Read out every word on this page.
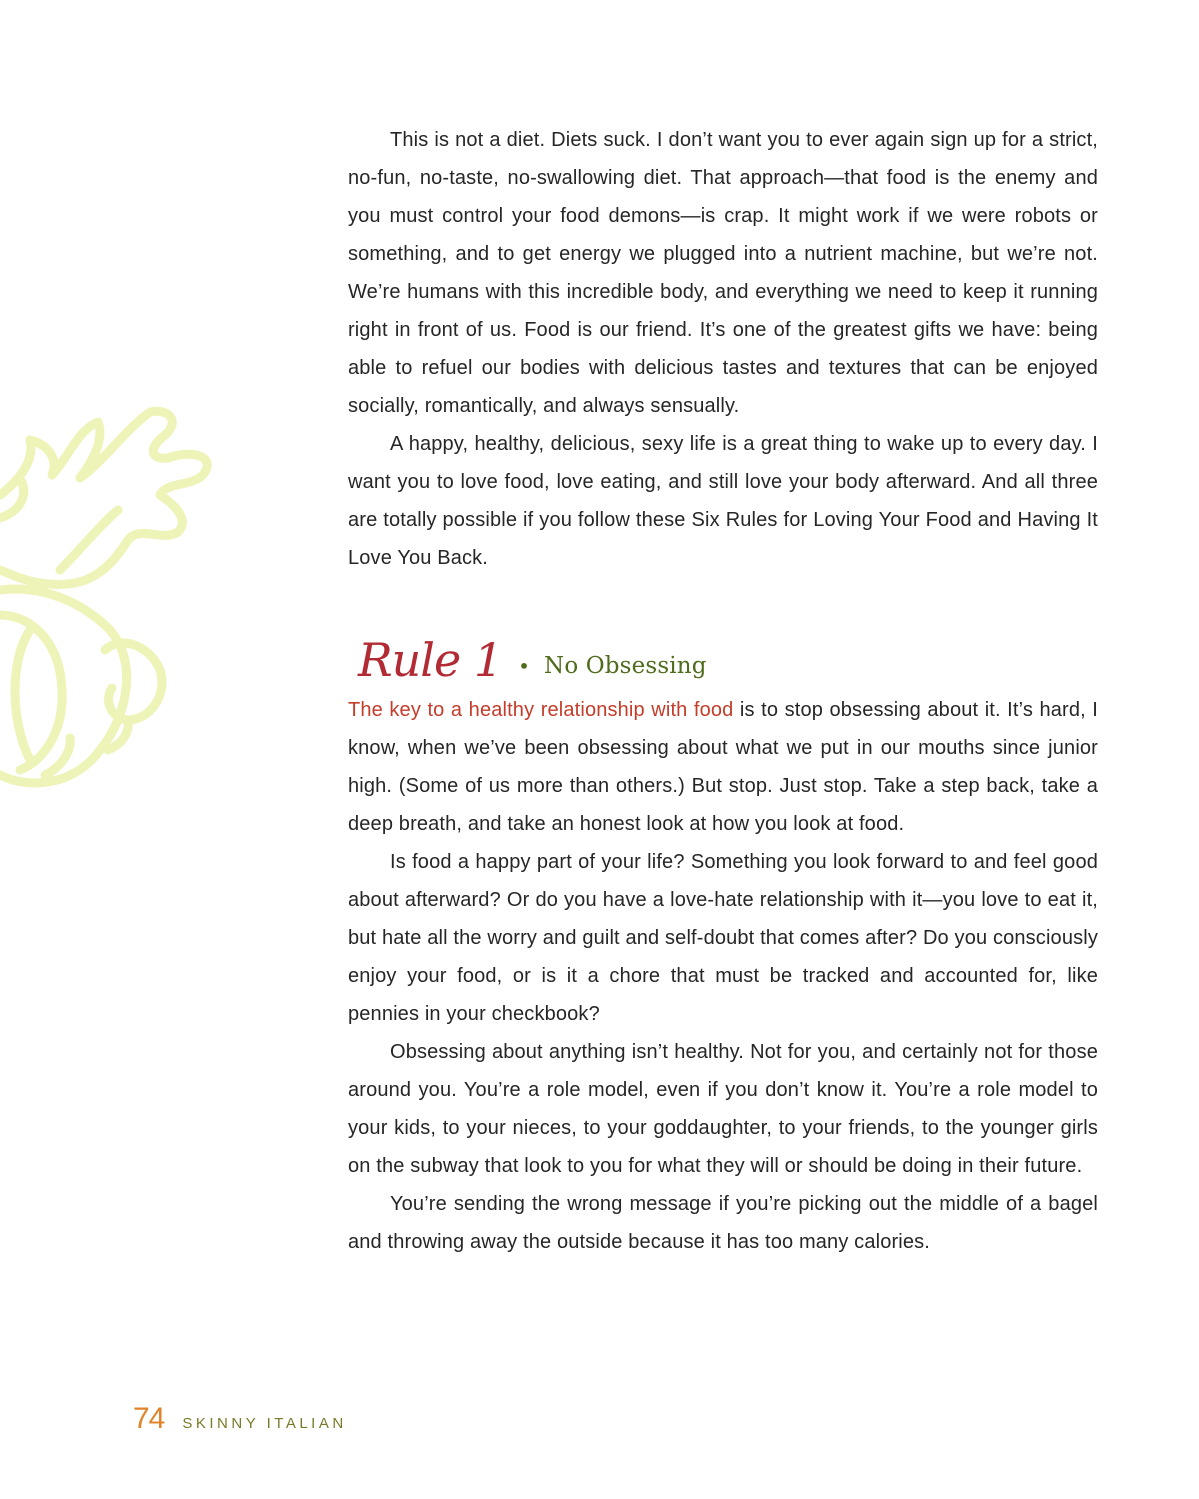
This is not a diet. Diets suck. I don’t want you to ever again sign up for a strict, no-fun, no-taste, no-swallowing diet. That approach—that food is the enemy and you must control your food demons—is crap. It might work if we were robots or something, and to get energy we plugged into a nutrient machine, but we’re not. We’re humans with this incredible body, and everything we need to keep it running right in front of us. Food is our friend. It’s one of the greatest gifts we have: being able to refuel our bodies with delicious tastes and textures that can be enjoyed socially, romantically, and always sensually.

A happy, healthy, delicious, sexy life is a great thing to wake up to every day. I want you to love food, love eating, and still love your body afterward. And all three are totally possible if you follow these Six Rules for Loving Your Food and Having It Love You Back.

Rule 1 • No Obsessing

The key to a healthy relationship with food is to stop obsessing about it. It’s hard, I know, when we’ve been obsessing about what we put in our mouths since junior high. (Some of us more than others.) But stop. Just stop. Take a step back, take a deep breath, and take an honest look at how you look at food.

Is food a happy part of your life? Something you look forward to and feel good about afterward? Or do you have a love-hate relationship with it—you love to eat it, but hate all the worry and guilt and self-doubt that comes after? Do you consciously enjoy your food, or is it a chore that must be tracked and accounted for, like pennies in your checkbook?

Obsessing about anything isn’t healthy. Not for you, and certainly not for those around you. You’re a role model, even if you don’t know it. You’re a role model to your kids, to your nieces, to your goddaughter, to your friends, to the younger girls on the subway that look to you for what they will or should be doing in their future.

You’re sending the wrong message if you’re picking out the middle of a bagel and throwing away the outside because it has too many calories.

74 SKINNY ITALIAN
